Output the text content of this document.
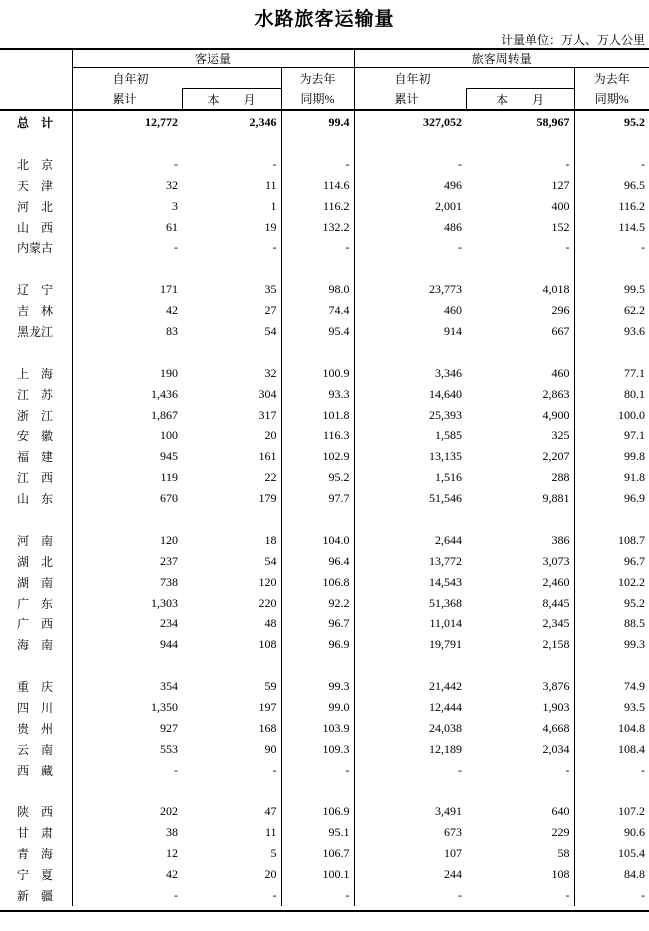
水路旅客运输量
计量单位：万人、万人公里
	客运量			旅客周转量		
	自年初		为去年	自年初		为去年
	累计	本　　月	同期%	累计	本　　月	同期%
总　计	12,772	2,346	99.4	327,052	58,967	95.2

北　京	-	-	-	-	-	-
天　津	32	11	114.6	496	127	96.5
河　北	3	1	116.2	2,001	400	116.2
山　西	61	19	132.2	486	152	114.5
内蒙古	-	-	-	-	-	-

辽　宁	171	35	98.0	23,773	4,018	99.5
吉　林	42	27	74.4	460	296	62.2
黑龙江	83	54	95.4	914	667	93.6

上　海	190	32	100.9	3,346	460	77.1
江　苏	1,436	304	93.3	14,640	2,863	80.1
浙　江	1,867	317	101.8	25,393	4,900	100.0
安　徽	100	20	116.3	1,585	325	97.1
福　建	945	161	102.9	13,135	2,207	99.8
江　西	119	22	95.2	1,516	288	91.8
山　东	670	179	97.7	51,546	9,881	96.9

河　南	120	18	104.0	2,644	386	108.7
湖　北	237	54	96.4	13,772	3,073	96.7
湖　南	738	120	106.8	14,543	2,460	102.2
广　东	1,303	220	92.2	51,368	8,445	95.2
广　西	234	48	96.7	11,014	2,345	88.5
海　南	944	108	96.9	19,791	2,158	99.3

重　庆	354	59	99.3	21,442	3,876	74.9
四　川	1,350	197	99.0	12,444	1,903	93.5
贵　州	927	168	103.9	24,038	4,668	104.8
云　南	553	90	109.3	12,189	2,034	108.4
西　藏	-	-	-	-	-	-

陕　西	202	47	106.9	3,491	640	107.2
甘　肃	38	11	95.1	673	229	90.6
青　海	12	5	106.7	107	58	105.4
宁　夏	42	20	100.1	244	108	84.8
新　疆	-	-	-	-	-	-
